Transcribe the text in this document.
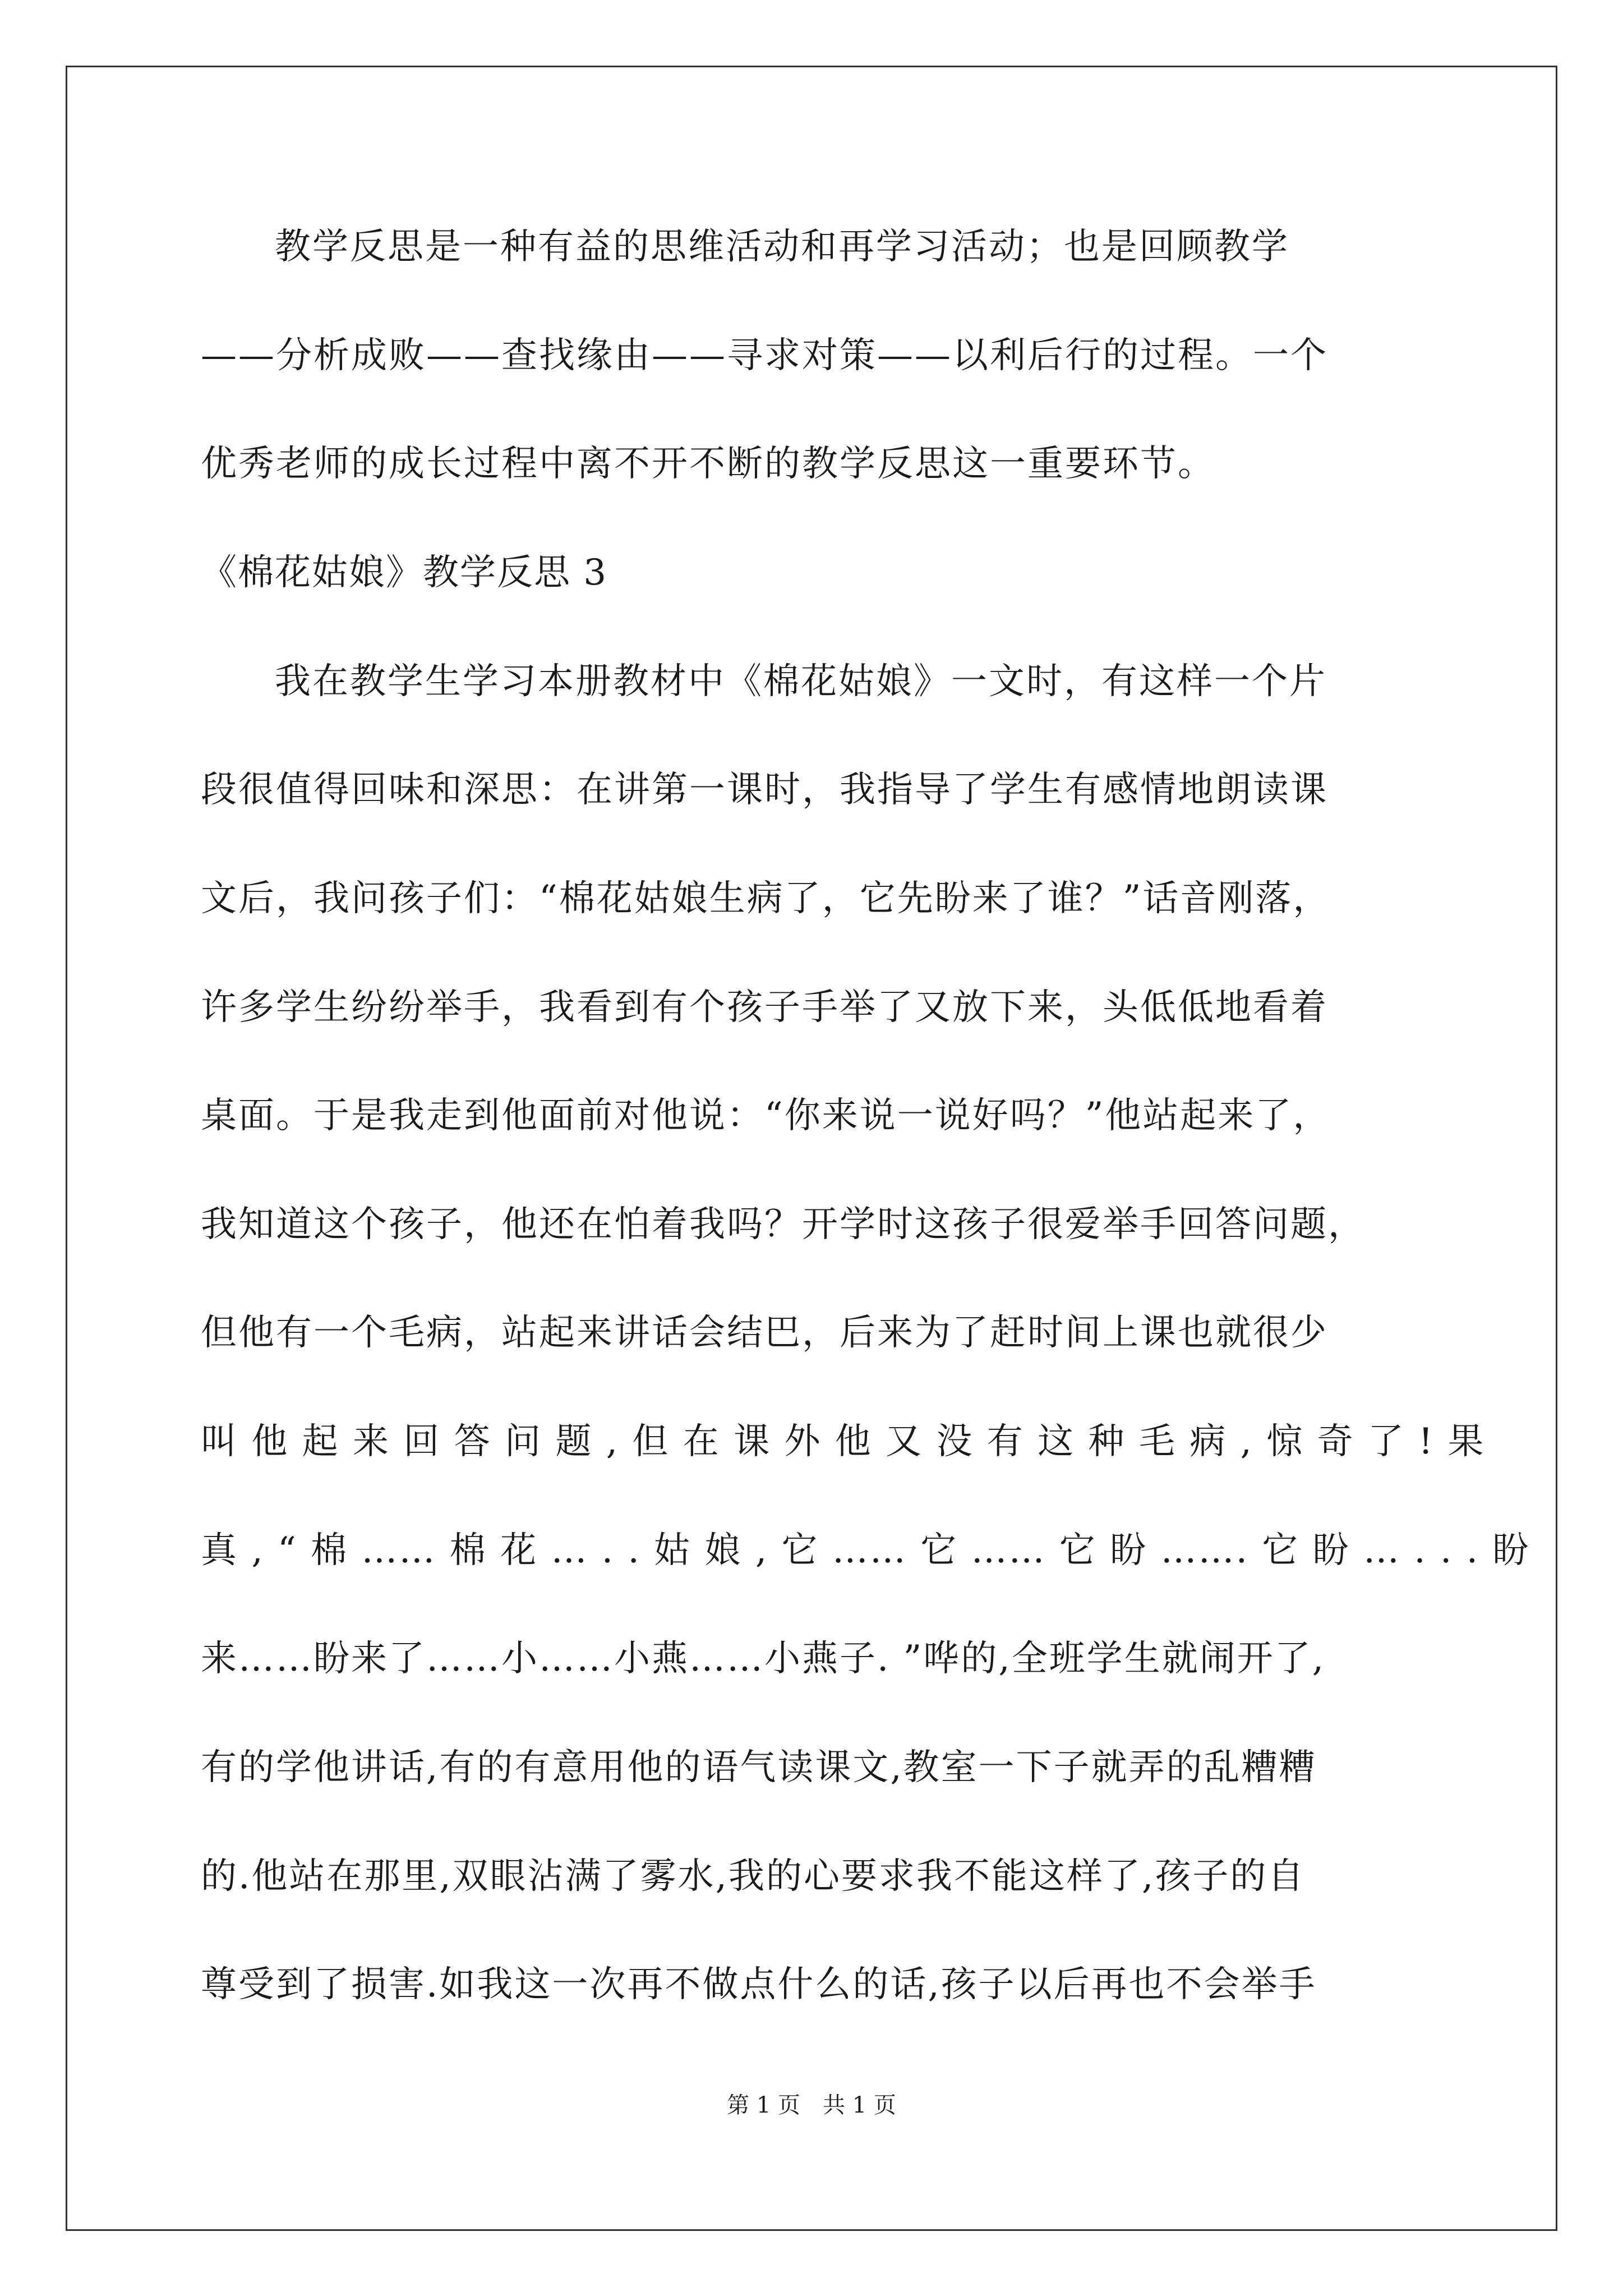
教学反思是一种有益的思维活动和再学习活动；也是回顾教学
——分析成败——查找缘由——寻求对策——以利后行的过程。一个
优秀老师的成长过程中离不开不断的教学反思这一重要环节。
《棉花姑娘》教学反思 3
我在教学生学习本册教材中《棉花姑娘》一文时，有这样一个片
段很值得回味和深思：在讲第一课时，我指导了学生有感情地朗读课
文后，我问孩子们：“棉花姑娘生病了，它先盼来了谁？”话音刚落，
许多学生纷纷举手，我看到有个孩子手举了又放下来，头低低地看着
桌面。于是我走到他面前对他说：“你来说一说好吗？”他站起来了，
我知道这个孩子，他还在怕着我吗？开学时这孩子很爱举手回答问题，
但他有一个毛病，站起来讲话会结巴，后来为了赶时间上课也就很少
叫 他 起 来 回 答 问 题 , 但 在 课 外 他 又 没 有 这 种 毛 病 , 惊 奇 了 ! 果
真 , “ 棉 …… 棉 花 … . . 姑 娘 , 它 …… 它 …… 它 盼 ……. 它 盼 … . . . 盼
来……盼来了……小……小燕……小燕子. ”哗的,全班学生就闹开了,
有的学他讲话,有的有意用他的语气读课文,教室一下子就弄的乱糟糟
的.他站在那里,双眼沾满了雾水,我的心要求我不能这样了,孩子的自
尊受到了损害.如我这一次再不做点什么的话,孩子以后再也不会举手
第 1 页　共 1 页
